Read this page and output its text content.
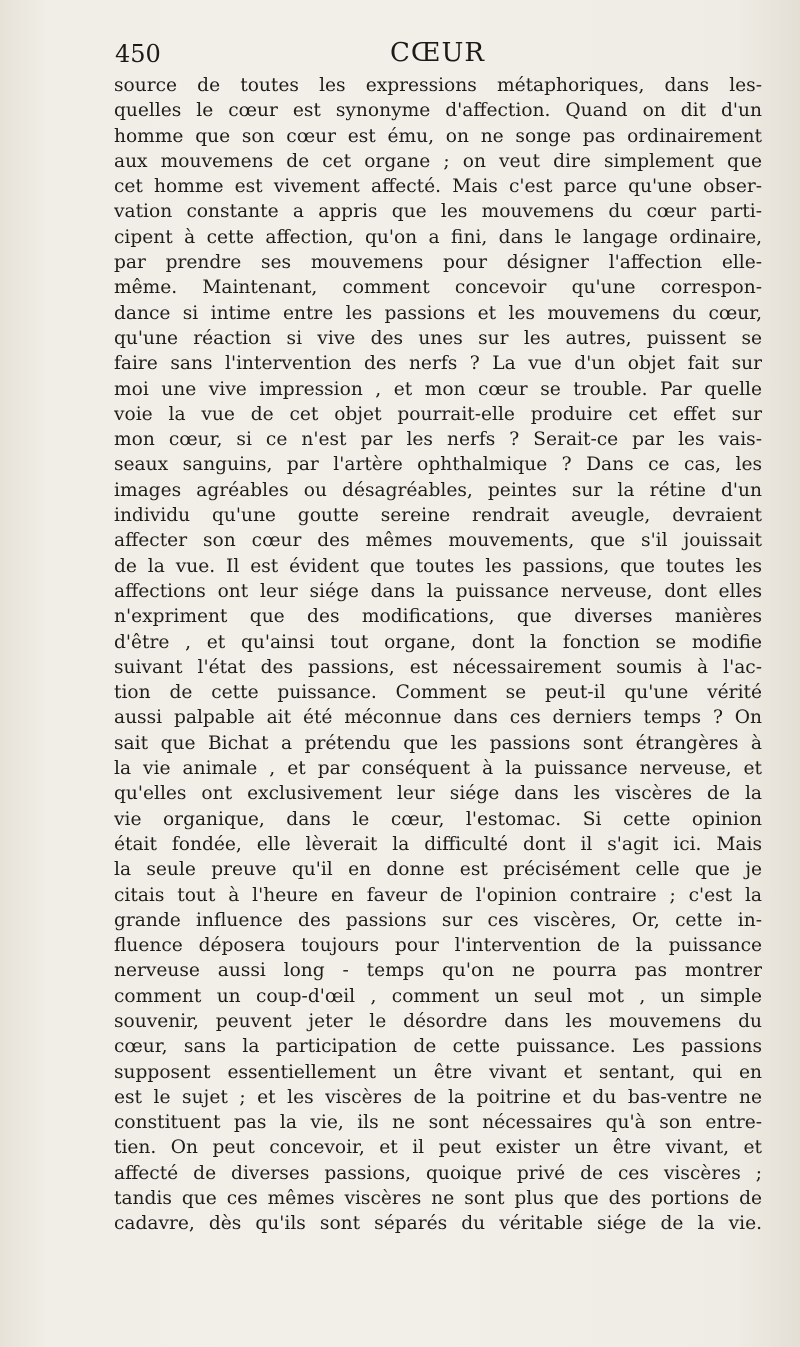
450	CŒUR
source de toutes les expressions métaphoriques, dans les-
quelles le cœur est synonyme d'affection. Quand on dit d'un
homme que son cœur est ému, on ne songe pas ordinairement
aux mouvemens de cet organe ; on veut dire simplement que
cet homme est vivement affecté. Mais c'est parce qu'une obser-
vation constante a appris que les mouvemens du cœur parti-
cipent à cette affection, qu'on a fini, dans le langage ordinaire,
par prendre ses mouvemens pour désigner l'affection elle-
même. Maintenant, comment concevoir qu'une correspon-
dance si intime entre les passions et les mouvemens du cœur,
qu'une réaction si vive des unes sur les autres, puissent se
faire sans l'intervention des nerfs ? La vue d'un objet fait sur
moi une vive impression , et mon cœur se trouble. Par quelle
voie la vue de cet objet pourrait-elle produire cet effet sur
mon cœur, si ce n'est par les nerfs ? Serait-ce par les vais-
seaux sanguins, par l'artère ophthalmique ? Dans ce cas, les
images agréables ou désagréables, peintes sur la rétine d'un
individu qu'une goutte sereine rendrait aveugle, devraient
affecter son cœur des mêmes mouvements, que s'il jouissait
de la vue. Il est évident que toutes les passions, que toutes les
affections ont leur siége dans la puissance nerveuse, dont elles
n'expriment que des modifications, que diverses manières
d'être , et qu'ainsi tout organe, dont la fonction se modifie
suivant l'état des passions, est nécessairement soumis à l'ac-
tion de cette puissance. Comment se peut-il qu'une vérité
aussi palpable ait été méconnue dans ces derniers temps ? On
sait que Bichat a prétendu que les passions sont étrangères à
la vie animale , et par conséquent à la puissance nerveuse, et
qu'elles ont exclusivement leur siége dans les viscères de la
vie organique, dans le cœur, l'estomac. Si cette opinion
était fondée, elle lèverait la difficulté dont il s'agit ici. Mais
la seule preuve qu'il en donne est précisément celle que je
citais tout à l'heure en faveur de l'opinion contraire ; c'est la
grande influence des passions sur ces viscères, Or, cette in-
fluence déposera toujours pour l'intervention de la puissance
nerveuse aussi long - temps qu'on ne pourra pas montrer
comment un coup-d'œil , comment un seul mot , un simple
souvenir, peuvent jeter le désordre dans les mouvemens du
cœur, sans la participation de cette puissance. Les passions
supposent essentiellement un être vivant et sentant, qui en
est le sujet ; et les viscères de la poitrine et du bas-ventre ne
constituent pas la vie, ils ne sont nécessaires qu'à son entre-
tien. On peut concevoir, et il peut exister un être vivant, et
affecté de diverses passions, quoique privé de ces viscères ;
tandis que ces mêmes viscères ne sont plus que des portions de
cadavre, dès qu'ils sont séparés du véritable siége de la vie.
